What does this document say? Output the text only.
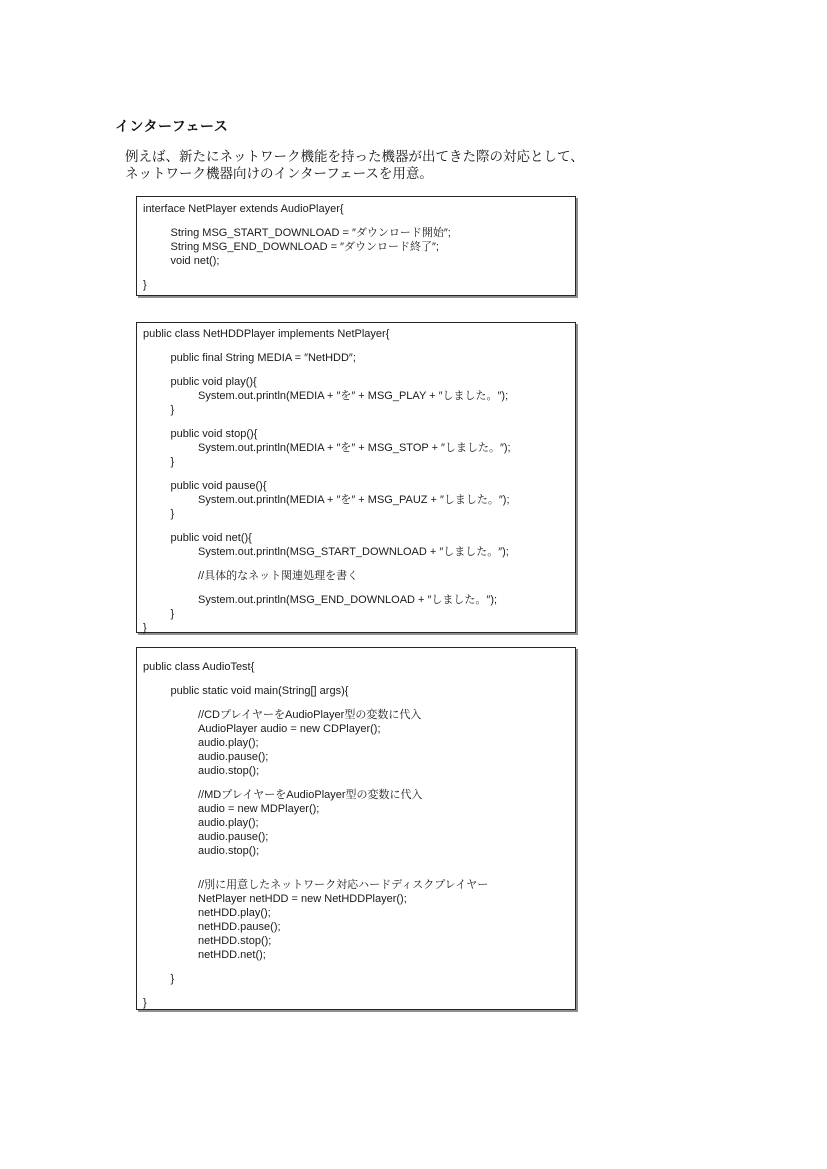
インターフェース
例えば、新たにネットワーク機能を持った機器が出てきた際の対応として、
ネットワーク機器向けのインターフェースを用意。
interface NetPlayer extends AudioPlayer{
String MSG_START_DOWNLOAD = ″ダウンロード開始″;
String MSG_END_DOWNLOAD = ″ダウンロード終了″;
void net();
}
public class NetHDDPlayer implements NetPlayer{
public final String MEDIA = ″NetHDD″;
public void play(){
System.out.println(MEDIA + ″を″ + MSG_PLAY + ″しました。″);
}
public void stop(){
System.out.println(MEDIA + ″を″ + MSG_STOP + ″しました。″);
}
public void pause(){
System.out.println(MEDIA + ″を″ + MSG_PAUZ + ″しました。″);
}
public void net(){
System.out.println(MSG_START_DOWNLOAD + ″しました。″);
//具体的なネット関連処理を書く
System.out.println(MSG_END_DOWNLOAD + ″しました。″);
}
}
public class AudioTest{
public static void main(String[] args){
//CDプレイヤーをAudioPlayer型の変数に代入
AudioPlayer audio = new CDPlayer();
audio.play();
audio.pause();
audio.stop();
//MDプレイヤーをAudioPlayer型の変数に代入
audio = new MDPlayer();
audio.play();
audio.pause();
audio.stop();
//別に用意したネットワーク対応ハードディスクプレイヤー
NetPlayer netHDD = new NetHDDPlayer();
netHDD.play();
netHDD.pause();
netHDD.stop();
netHDD.net();
}
}
